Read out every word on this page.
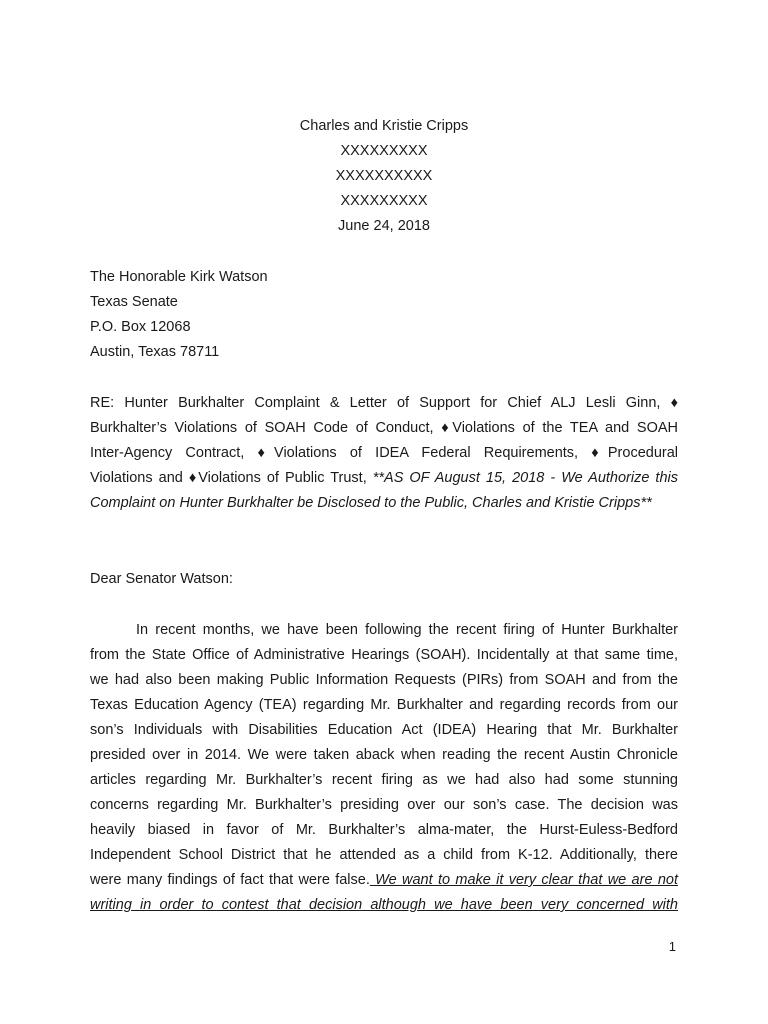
Charles and Kristie Cripps
XXXXXXXXX
XXXXXXXXXX
XXXXXXXXX
June 24, 2018
The Honorable Kirk Watson
Texas Senate
P.O. Box 12068
Austin, Texas 78711
RE: Hunter Burkhalter Complaint & Letter of Support for Chief ALJ Lesli Ginn, ♦
Burkhalter’s Violations of SOAH Code of Conduct, ♦Violations of the TEA and SOAH
Inter-Agency Contract, ♦Violations of IDEA Federal Requirements, ♦Procedural
Violations and ♦Violations of Public Trust, **AS OF August 15, 2018 - We Authorize this
Complaint on Hunter Burkhalter be Disclosed to the Public, Charles and Kristie Cripps**
Dear Senator Watson:
In recent months, we have been following the recent firing of Hunter Burkhalter
from the State Office of Administrative Hearings (SOAH). Incidentally at that same time,
we had also been making Public Information Requests (PIRs) from SOAH and from the
Texas Education Agency (TEA) regarding Mr. Burkhalter and regarding records from our
son’s Individuals with Disabilities Education Act (IDEA) Hearing that Mr. Burkhalter
presided over in 2014. We were taken aback when reading the recent Austin Chronicle
articles regarding Mr. Burkhalter’s recent firing as we had also had some stunning
concerns regarding Mr. Burkhalter’s presiding over our son’s case. The decision was
heavily biased in favor of Mr. Burkhalter’s alma-mater, the Hurst-Euless-Bedford
Independent School District that he attended as a child from K-12. Additionally, there
were many findings of fact that were false. We want to make it very clear that we are not
writing in order to contest that decision although we have been very concerned with
1
